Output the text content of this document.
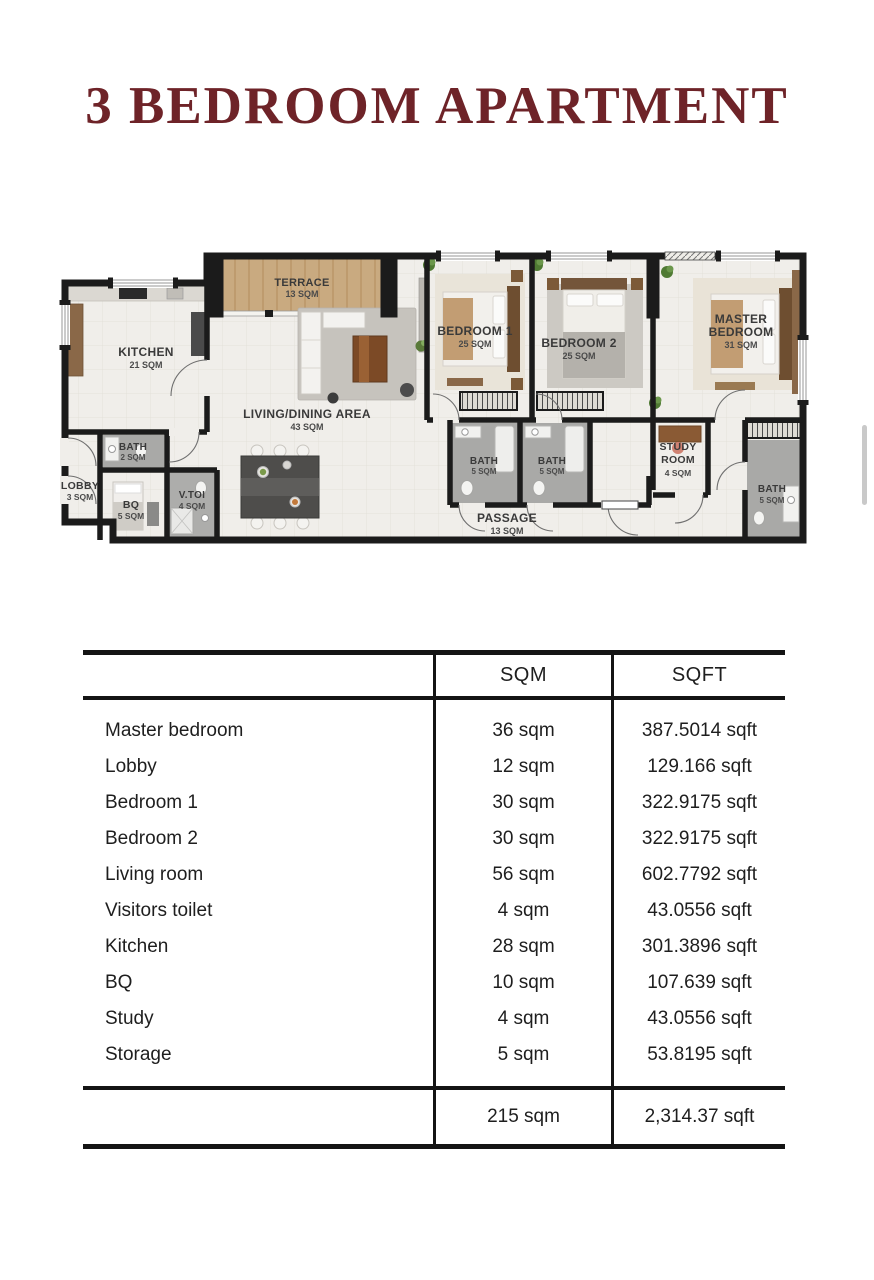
3 BEDROOM APARTMENT
TERRACE
13 SQM
KITCHEN
21 SQM
LIVING/DINING AREA
43 SQM
BEDROOM 1
25 SQM	BEDROOM 2
25 SQM
MASTER
BEDROOM
31 SQM
BATH
2 SQM
LOBBY
3 SQM
BQ
5 SQM
V.TOI
4 SQM
BATH
5 SQM
BATH
5 SQM
STUDY
ROOM
4 SQM
BATH
5 SQM
PASSAGE
13 SQM
SQM	SQFT
Master bedroom	36 sqm	387.5014 sqft
Lobby	12 sqm	129.166 sqft
Bedroom 1	30 sqm	322.9175 sqft
Bedroom 2	30 sqm	322.9175 sqft
Living room	56 sqm	602.7792 sqft
Visitors toilet	4 sqm	43.0556 sqft
Kitchen	28 sqm	301.3896 sqft
BQ	10 sqm	107.639 sqft
Study	4 sqm	43.0556 sqft
Storage	5 sqm	53.8195 sqft
215 sqm	2,314.37 sqft
